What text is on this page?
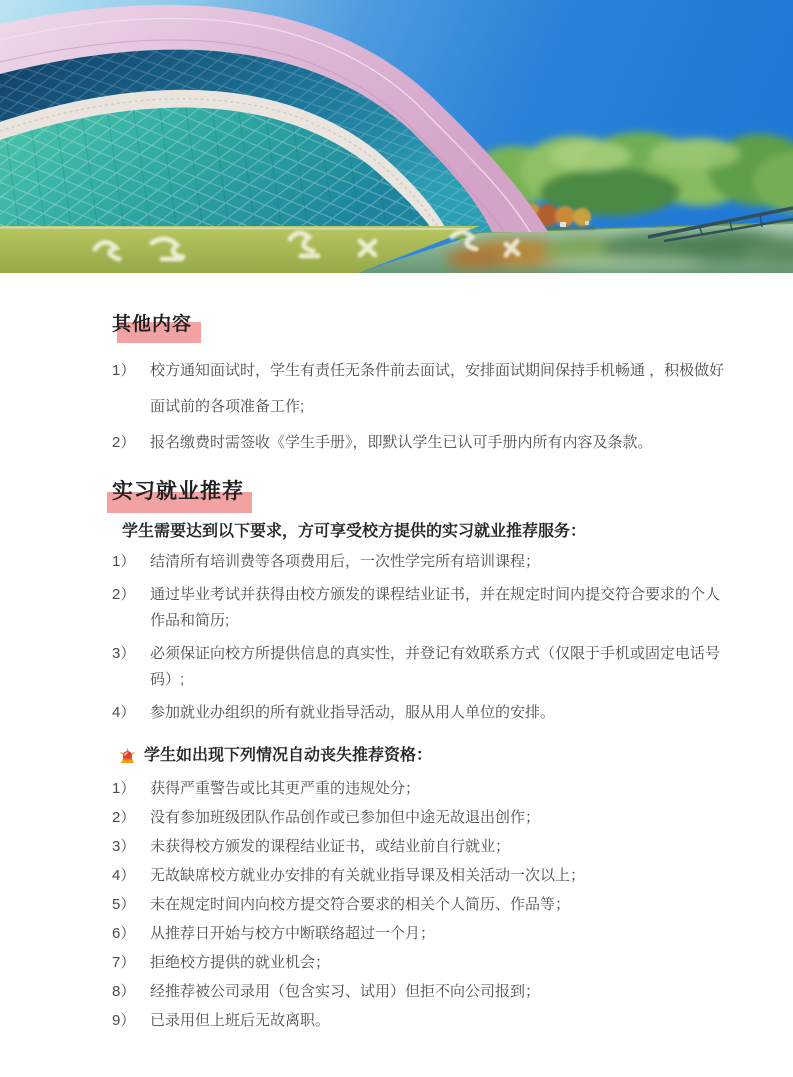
其他内容
1） 校方通知面试时，学生有责任无条件前去面试，安排面试期间保持手机畅通 ，积极做好面试前的各项准备工作;
2） 报名缴费时需签收《学生手册》，即默认学生已认可手册内所有内容及条款。
实习就业推荐
学生需要达到以下要求，方可享受校方提供的实习就业推荐服务：
1） 结清所有培训费等各项费用后，一次性学完所有培训课程；
2） 通过毕业考试并获得由校方颁发的课程结业证书，并在规定时间内提交符合要求的个人作品和简历;
3） 必须保证向校方所提供信息的真实性，并登记有效联系方式（仅限于手机或固定电话号码）;
4） 参加就业办组织的所有就业指导活动，服从用人单位的安排。
学生如出现下列情况自动丧失推荐资格：
1） 获得严重警告或比其更严重的违规处分；
2） 没有参加班级团队作品创作或已参加但中途无故退出创作；
3） 未获得校方颁发的课程结业证书，或结业前自行就业；
4） 无故缺席校方就业办安排的有关就业指导课及相关活动一次以上；
5） 未在规定时间内向校方提交符合要求的相关个人简历、作品等；
6） 从推荐日开始与校方中断联络超过一个月；
7） 拒绝校方提供的就业机会；
8） 经推荐被公司录用（包含实习、试用）但拒不向公司报到；
9） 已录用但上班后无故离职。
